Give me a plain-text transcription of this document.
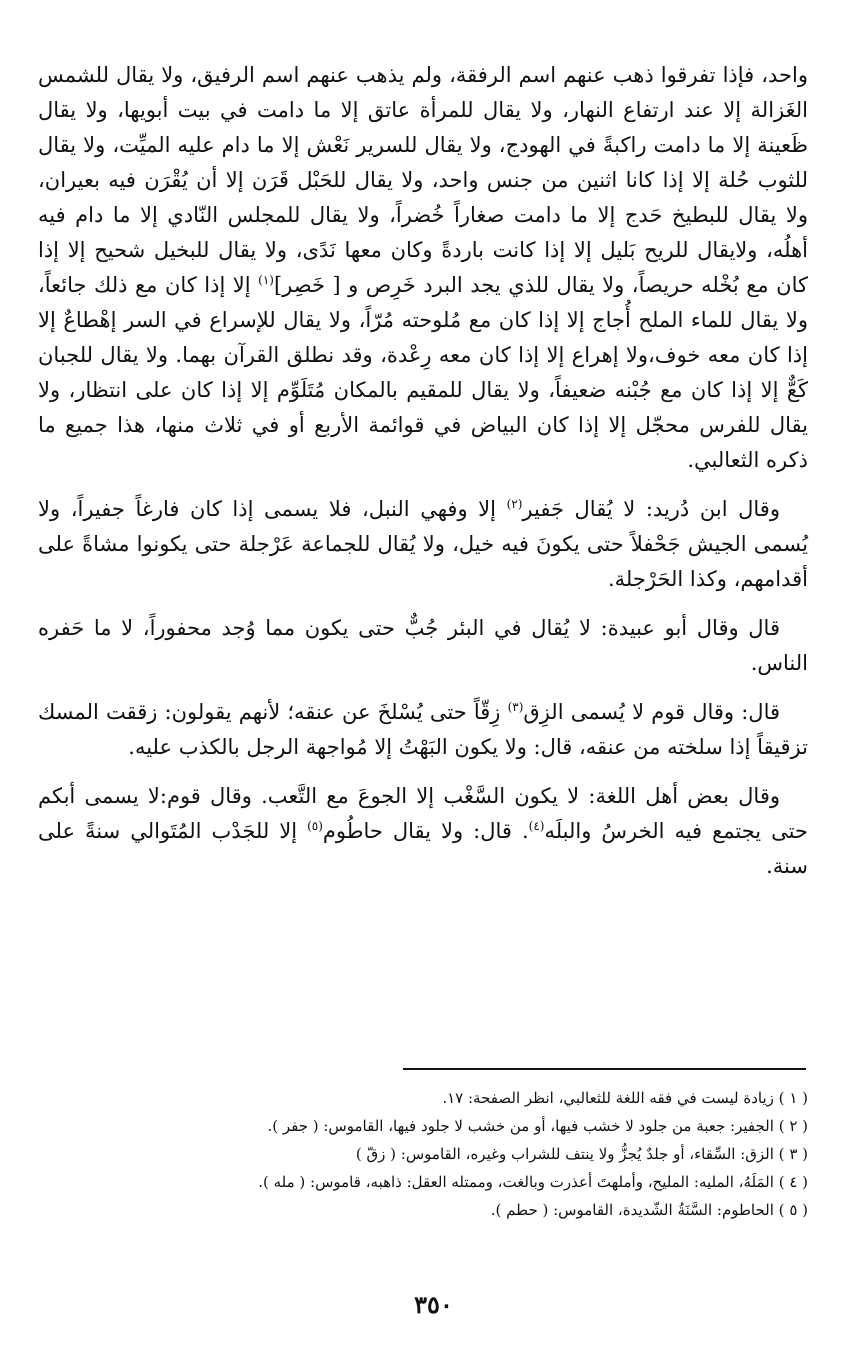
واحد، فإذا تفرقوا ذهب عنهم اسم الرفقة، ولم يذهب عنهم اسم الرفيق، ولا يقال للشمس الغَزالة إلا عند ارتفاع النهار، ولا يقال للمرأة عاتق إلا ما دامت في بيت أبويها، ولا يقال ظَعينة إلا ما دامت راكبةً في الهودج، ولا يقال للسرير نَعْش إلا ما دام عليه الميِّت، ولا يقال للثوب حُلة إلا إذا كانا اثنين من جنس واحد، ولا يقال للحَبْل قَرَن إلا أن يُقْرَن فيه بعيران، ولا يقال للبطيخ حَدج إلا ما دامت صغاراً خُضراً، ولا يقال للمجلس النّادي إلا ما دام فيه أهلُه، ولايقال للريح بَليل إلا إذا كانت باردةً وكان معها نَدًى، ولا يقال للبخيل شحيح إلا إذا كان مع بُخْله حريصاً، ولا يقال للذي يجد البرد خَرِص و [ خَصِر]$^{(١)}$ إلا إذا كان مع ذلك جائعاً، ولا يقال للماء الملح أُجاج إلا إذا كان مع مُلوحته مُرّاً، ولا يقال للإسراع في السر إهْطاعٌ إلا إذا كان معه خوف،ولا إهراع إلا إذا كان معه رِعْدة، وقد نطلق القرآن بهما. ولا يقال للجبان كَعٌّ إلا إذا كان مع جُبْنه ضعيفاً، ولا يقال للمقيم بالمكان مُتَلَوِّم إلا إذا كان على انتظار، ولا يقال للفرس محجّل إلا إذا كان البياض في قوائمة الأربع أو في ثلاث منها، هذا جميع ما ذكره الثعالبي.

وقال ابن دُريد: لا يُقال جَفير$^{(٢)}$ إلا وفهي النبل، فلا يسمى إذا كان فارغاً جفيراً، ولا يُسمى الجيش جَحْفلاً حتى يكونَ فيه خيل، ولا يُقال للجماعة عَرْجلة حتى يكونوا مشاةً على أقدامهم، وكذا الحَرْجلة.

قال وقال أبو عبيدة: لا يُقال في البئر جُبٌّ حتى يكون مما وُجد محفوراً، لا ما حَفره الناس.

قال: وقال قوم لا يُسمى الزِق$^{(٣)}$ زِقّاً حتى يُسْلخَ عن عنقه؛ لأنهم يقولون: زققت المسك تزقيقاً إذا سلخته من عنقه، قال: ولا يكون البَهْتُ إلا مُواجهة الرجل بالكذب عليه.

وقال بعض أهل اللغة: لا يكون السَّغْب إلا الجوعَ مع التَّعب. وقال قوم:لا يسمى أبكم حتى يجتمع فيه الخرسُ والبلَه$^{(٤)}$. قال: ولا يقال حاطُوم$^{(٥)}$ إلا للجَدْب المُتَوالي سنةً على سنة.

( ١ ) زيادة ليست في فقه اللغة للثعالبي، انظر الصفحة: ١٧.

( ٢ ) الجفير: جعبة من جلود لا خشب فيها، أو من خشب لا جلود فيها، القاموس: ( جفر ).

( ٣ ) الزق: السِّقاء، أو جلدٌ يُجزُّ ولا ينتف للشراب وغيره، القاموس: ( زقّ )

( ٤ ) المَلَهُ، المليه: المليح، وأملهتَ أعذرت وبالغت، وممتله العقل: ذاهبه، قاموس: ( مله ).

( ٥ ) الحاطوم: السَّنَةُ الشّديدة، القاموس: ( حطم ).

٣٥٠
